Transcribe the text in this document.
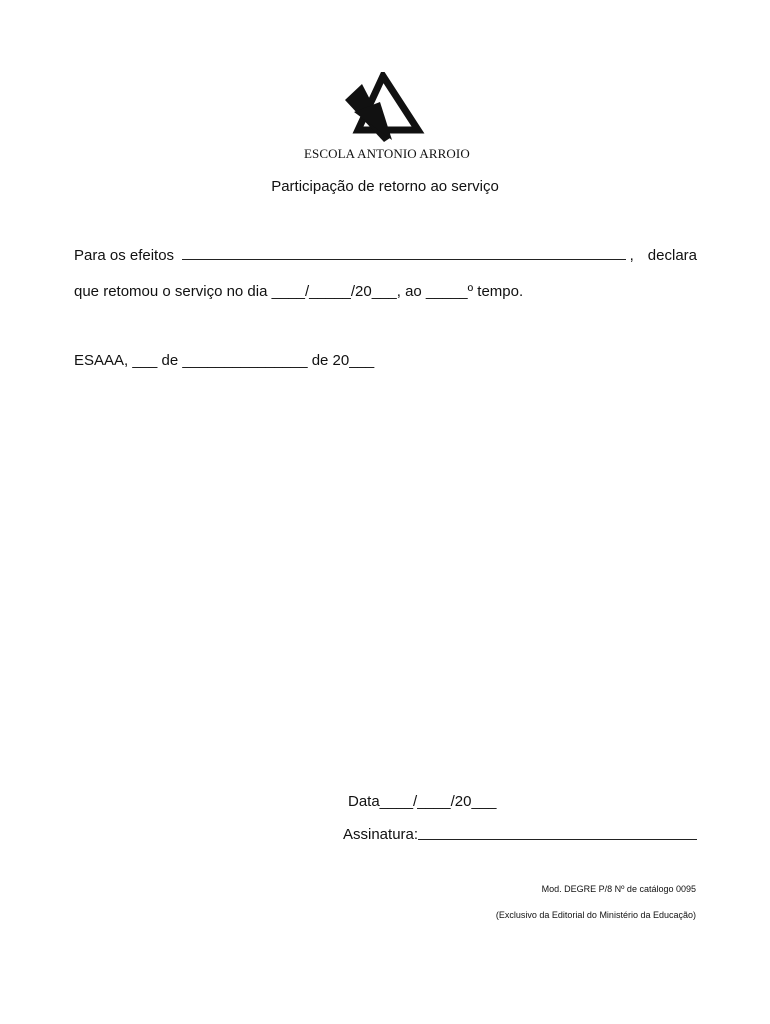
ESCOLA ANTONIO ARROIO
Participação de retorno ao serviço
Para os efeitos	, declara
que retomou o serviço no dia ____/_____/20___, ao _____º tempo.
ESAAA, ___ de _______________ de 20___
Data____/____/20___
Assinatura:
Mod. DEGRE P/8 Nº de catálogo 0095
(Exclusivo da Editorial do Ministério da Educação)
